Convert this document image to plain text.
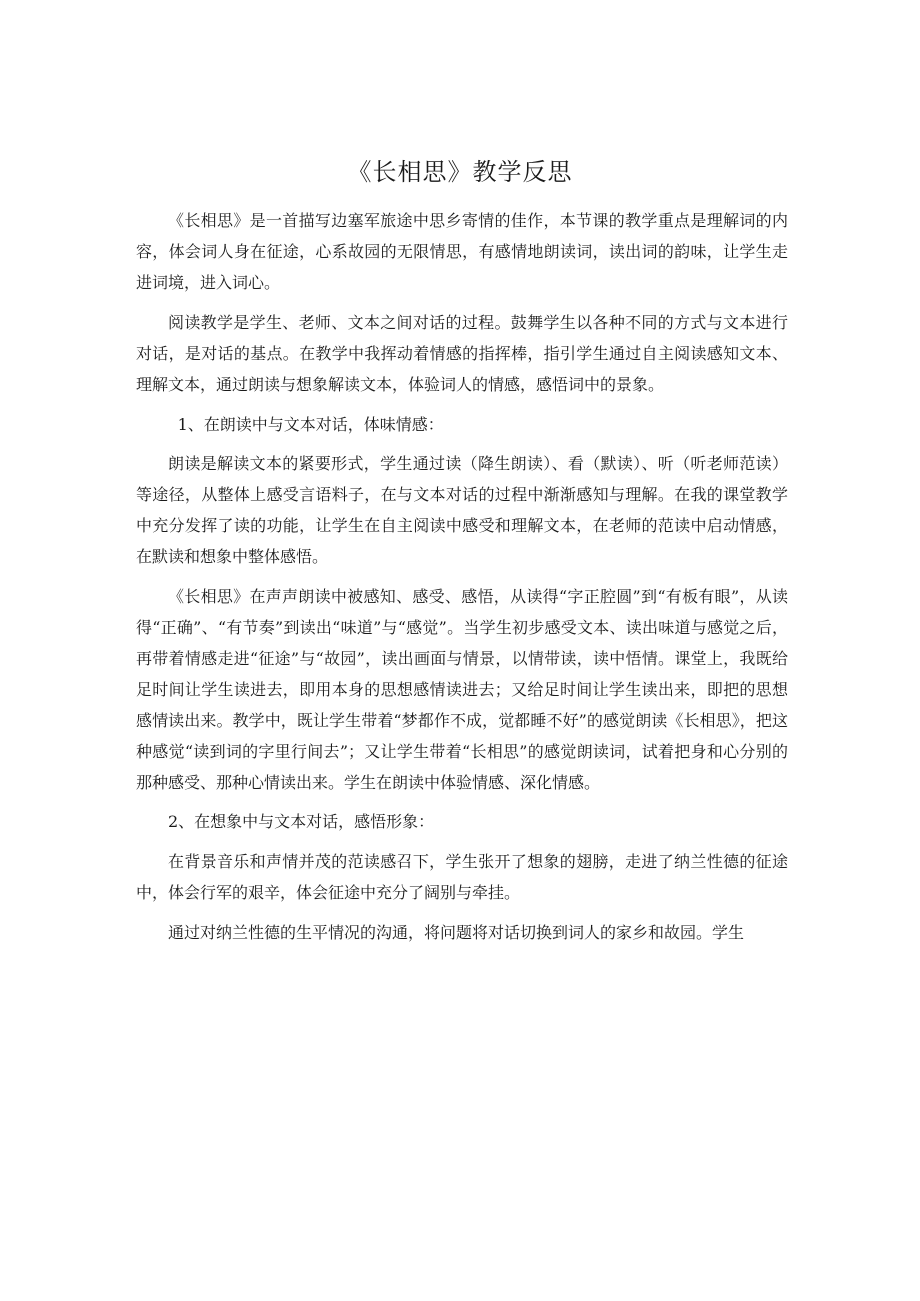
《长相思》教学反思

《长相思》是一首描写边塞军旅途中思乡寄情的佳作，本节课的教学重点是理解词的内容，体会词人身在征途，心系故园的无限情思，有感情地朗读词，读出词的韵味，让学生走进词境，进入词心。

阅读教学是学生、老师、文本之间对话的过程。鼓舞学生以各种不同的方式与文本进行对话，是对话的基点。在教学中我挥动着情感的指挥棒，指引学生通过自主阅读感知文本、理解文本，通过朗读与想象解读文本，体验词人的情感，感悟词中的景象。

1、在朗读中与文本对话，体味情感：

朗读是解读文本的紧要形式，学生通过读（降生朗读）、看（默读）、听（听老师范读）等途径，从整体上感受言语料子，在与文本对话的过程中渐渐感知与理解。在我的课堂教学中充分发挥了读的功能，让学生在自主阅读中感受和理解文本，在老师的范读中启动情感，在默读和想象中整体感悟。

《长相思》在声声朗读中被感知、感受、感悟，从读得“字正腔圆”到“有板有眼”，从读得“正确”、“有节奏”到读出“味道”与“感觉”。当学生初步感受文本、读出味道与感觉之后，再带着情感走进“征途”与“故园”，读出画面与情景，以情带读，读中悟情。课堂上，我既给足时间让学生读进去，即用本身的思想感情读进去；又给足时间让学生读出来，即把的思想感情读出来。教学中，既让学生带着“梦都作不成，觉都睡不好”的感觉朗读《长相思》，把这种感觉“读到词的字里行间去”；又让学生带着“长相思”的感觉朗读词，试着把身和心分别的那种感受、那种心情读出来。学生在朗读中体验情感、深化情感。

2、在想象中与文本对话，感悟形象：

在背景音乐和声情并茂的范读感召下，学生张开了想象的翅膀，走进了纳兰性德的征途中，体会行军的艰辛，体会征途中充分了阔别与牵挂。

通过对纳兰性德的生平情况的沟通，将问题将对话切换到词人的家乡和故园。学生
